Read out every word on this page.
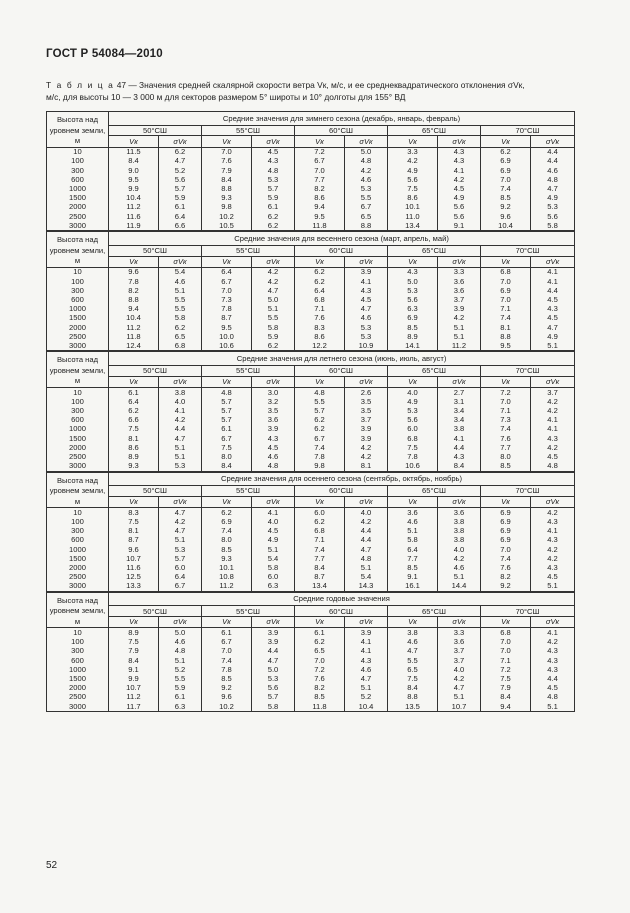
ГОСТ Р 54084—2010
Т а б л и ц а 47 — Значения средней скалярной скорости ветра Vк, м/с, и ее среднеквадратического отклонения σVк,
м/с, для высоты 10 — 3 000 м для секторов размером 5° широты и 10° долготы для 155° ВД
Высота над уровнем земли, м	Средние значения для зимнего сезона (декабрь, январь, февраль)									
	50°СШ		55°СШ		60°СШ		65°СШ		70°СШ	
	Vк	σVк	Vк	σVк	Vк	σVк	Vк	σVк	Vк	σVк
10	11.5	6.2	7.0	4.5	7.2	5.0	3.3	4.3	6.2	4.4
100	8.4	4.7	7.6	4.3	6.7	4.8	4.2	4.3	6.9	4.4
300	9.0	5.2	7.9	4.8	7.0	4.2	4.9	4.1	6.9	4.6
600	9.5	5.6	8.4	5.3	7.7	4.6	5.6	4.2	7.0	4.8
1000	9.9	5.7	8.8	5.7	8.2	5.3	7.5	4.5	7.4	4.7
1500	10.4	5.9	9.3	5.9	8.6	5.5	8.6	4.9	8.5	4.9
2000	11.2	6.1	9.8	6.1	9.4	6.7	10.1	5.6	9.2	5.3
2500	11.6	6.4	10.2	6.2	9.5	6.5	11.0	5.6	9.6	5.6
3000	11.9	6.6	10.5	6.2	11.8	8.8	13.4	9.1	10.4	5.8
Высота над уровнем земли, м	Средние значения для весеннего сезона (март, апрель, май)									
	50°СШ		55°СШ		60°СШ		65°СШ		70°СШ	
	Vк	σVк	Vк	σVк	Vк	σVк	Vк	σVк	Vк	σVк
10	9.6	5.4	6.4	4.2	6.2	3.9	4.3	3.3	6.8	4.1
100	7.8	4.6	6.7	4.2	6.2	4.1	5.0	3.6	7.0	4.1
300	8.2	5.1	7.0	4.7	6.4	4.3	5.3	3.6	6.9	4.4
600	8.8	5.5	7.3	5.0	6.8	4.5	5.6	3.7	7.0	4.5
1000	9.4	5.5	7.8	5.1	7.1	4.7	6.3	3.9	7.1	4.3
1500	10.4	5.8	8.7	5.5	7.6	4.6	6.9	4.2	7.4	4.5
2000	11.2	6.2	9.5	5.8	8.3	5.3	8.5	5.1	8.1	4.7
2500	11.8	6.5	10.0	5.9	8.6	5.3	8.9	5.1	8.8	4.9
3000	12.4	6.8	10.6	6.2	12.2	10.9	14.1	11.2	9.5	5.1
Высота над уровнем земли, м	Средние значения для летнего сезона (июнь, июль, август)									
	50°СШ		55°СШ		60°СШ		65°СШ		70°СШ	
	Vк	σVк	Vк	σVк	Vк	σVк	Vк	σVк	Vк	σVк
10	6.1	3.8	4.8	3.0	4.8	2.6	4.0	2.7	7.2	3.7
100	6.4	4.0	5.7	3.2	5.5	3.5	4.9	3.1	7.0	4.2
300	6.2	4.1	5.7	3.5	5.7	3.5	5.3	3.4	7.1	4.2
600	6.6	4.2	5.7	3.6	6.2	3.7	5.6	3.4	7.3	4.1
1000	7.5	4.4	6.1	3.9	6.2	3.9	6.0	3.8	7.4	4.1
1500	8.1	4.7	6.7	4.3	6.7	3.9	6.8	4.1	7.6	4.3
2000	8.6	5.1	7.5	4.5	7.4	4.2	7.5	4.4	7.7	4.2
2500	8.9	5.1	8.0	4.6	7.8	4.2	7.8	4.3	8.0	4.5
3000	9.3	5.3	8.4	4.8	9.8	8.1	10.6	8.4	8.5	4.8
Высота над уровнем земли, м	Средние значения для осеннего сезона (сентябрь, октябрь, ноябрь)									
	50°СШ		55°СШ		60°СШ		65°СШ		70°СШ	
	Vк	σVк	Vк	σVк	Vк	σVк	Vк	σVк	Vк	σVк
10	8.3	4.7	6.2	4.1	6.0	4.0	3.6	3.6	6.9	4.2
100	7.5	4.2	6.9	4.0	6.2	4.2	4.6	3.8	6.9	4.3
300	8.1	4.7	7.4	4.5	6.8	4.4	5.1	3.8	6.9	4.1
600	8.7	5.1	8.0	4.9	7.1	4.4	5.8	3.8	6.9	4.3
1000	9.6	5.3	8.5	5.1	7.4	4.7	6.4	4.0	7.0	4.2
1500	10.7	5.7	9.3	5.4	7.7	4.8	7.7	4.2	7.4	4.2
2000	11.6	6.0	10.1	5.8	8.4	5.1	8.5	4.6	7.6	4.3
2500	12.5	6.4	10.8	6.0	8.7	5.4	9.1	5.1	8.2	4.5
3000	13.3	6.7	11.2	6.3	13.4	14.3	16.1	14.4	9.2	5.1
Высота над уровнем земли, м	Средние годовые значения									
	50°СШ		55°СШ		60°СШ		65°СШ		70°СШ	
	Vк	σVк	Vк	σVк	Vк	σVк	Vк	σVк	Vк	σVк
10	8.9	5.0	6.1	3.9	6.1	3.9	3.8	3.3	6.8	4.1
100	7.5	4.6	6.7	3.9	6.2	4.1	4.6	3.6	7.0	4.2
300	7.9	4.8	7.0	4.4	6.5	4.1	4.7	3.7	7.0	4.3
600	8.4	5.1	7.4	4.7	7.0	4.3	5.5	3.7	7.1	4.3
1000	9.1	5.2	7.8	5.0	7.2	4.6	6.5	4.0	7.2	4.3
1500	9.9	5.5	8.5	5.3	7.6	4.7	7.5	4.2	7.5	4.4
2000	10.7	5.9	9.2	5.6	8.2	5.1	8.4	4.7	7.9	4.5
2500	11.2	6.1	9.6	5.7	8.5	5.2	8.8	5.1	8.4	4.8
3000	11.7	6.3	10.2	5.8	11.8	10.4	13.5	10.7	9.4	5.1
52
